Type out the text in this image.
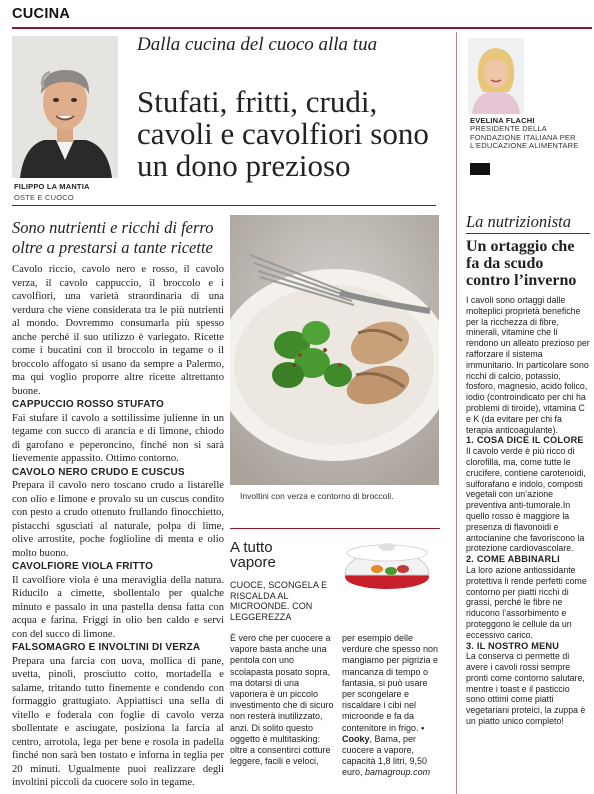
CUCINA
FILIPPO LA MANTIA
OSTE E CUOCO
Dalla cucina del cuoco alla tua
Stufati, fritti, crudi, cavoli e cavolfiori sono un dono prezioso
EVELINA FLACHI
PRESIDENTE DELLA FONDAZIONE ITALIANA PER L'EDUCAZIONE ALIMENTARE
Sono nutrienti e ricchi di ferro oltre a prestarsi a tante ricette
Cavolo riccio, cavolo nero e rosso, il cavolo verza, il cavolo cappuccio, il broccolo e i cavolfiori, una varietà straordinaria di una verdura che viene considerata tra le più nutrienti al mondo. Dovremmo consumarla più spesso anche perché il suo utilizzo è variegato. Ricette come i bucatini con il broccolo in tegame o il broccolo affogato si usano da sempre a Palermo, ma qui voglio proporre altre ricette altrettanto buone.
CAPPUCCIO ROSSO STUFATO
Fai stufare il cavolo a sottilissime julienne in un tegame con succo di arancia e di limone, chiodo di garofano e peperoncino, finché non si sarà lievemente appassito. Ottimo contorno.
CAVOLO NERO CRUDO E CUSCUS
Prepara il cavolo nero toscano crudo a listarelle con olio e limone e provalo su un cuscus condito con pesto a crudo ottenuto frullando finocchietto, pistacchi sgusciati al naturale, polpa di lime, olive arrostite, poche foglioline di menta e olio molto buono.
CAVOLFIORE VIOLA FRITTO
Il cavolfiore viola è una meraviglia della natura. Riducilo a cimette, sbollentalo per qualche minuto e passalo in una pastella densa fatta con acqua e farina. Friggi in olio ben caldo e servi con del succo di limone.
FALSOMAGRO E INVOLTINI DI VERZA
Prepara una farcia con uova, mollica di pane, uvetta, pinoli, prosciutto cotto, mortadella e salame, tritando tutto finemente e condendo con formaggio grattugiato. Appiattisci una sella di vitello e foderala con foglie di cavolo verza sbollentate e asciugate, posiziona la farcia al centro, arrotola, lega per bene e rosola in padella finché non sarà ben tostato e inforna in teglia per 20 minuti. Ugualmente puoi realizzare degli involtini piccoli da cuocere solo in tegame.
Involtini con verza e contorno di broccoli.
A tutto vapore
CUOCE, SCONGELA E RISCALDA AL MICROONDE. CON LEGGEREZZA
È vero che per cuocere a vapore basta anche una pentola con uno scolapasta posato sopra, ma dotarsi di una vaporiera è un piccolo investimento che di sicuro non resterà inutilizzato, anzi. Di solito questo oggetto è multitasking: oltre a consentirci cotture leggere, facili e veloci,
per esempio delle verdure che spesso non mangiamo per pigrizia e mancanza di tempo o fantasia, si può usare per scongelare e riscaldare i cibi nel microonde e fa da contenitore in frigo. • Cooky, Bama, per cuocere a vapore, capacità 1,8 litri, 9,50 euro, bamagroup.com
La nutrizionista
Un ortaggio che fa da scudo contro l’inverno
I cavoli sono ortaggi dalle molteplici proprietà benefiche per la ricchezza di fibre, minerali, vitamine che li rendono un alleato prezioso per rafforzare il sistema immunitario. In particolare sono ricchi di calcio, potassio, fosforo, magnesio, acido folico, iodio (controindicato per chi ha problemi di tiroide), vitamina C e K (da evitare per chi fa terapia anticoagulante).
1. COSA DICE IL COLORE
Il cavolo verde è più ricco di clorofilla, ma, come tutte le crucifere, contiene carotenoidi, sulforafano e indolo, composti vegetali con un’azione preventiva anti-tumorale.In quello rosso è maggiore la presenza di flavonoidi e antocianine che favoriscono la protezione cardiovascolare.
2. COME ABBINARLI
La loro azione antiossidante protettiva li rende perfetti come contorno per piatti ricchi di grassi, perché le fibre ne riducono l’assorbimento e proteggono le cellule da un eccessivo carico.
3. IL NOSTRO MENU
La conserva ci permette di avere i cavoli rossi sempre pronti come contorno salutare, mentre i toast e il pasticcio sono ottimi come piatti vegetariani proteici, la zuppa è un piatto unico completo!
